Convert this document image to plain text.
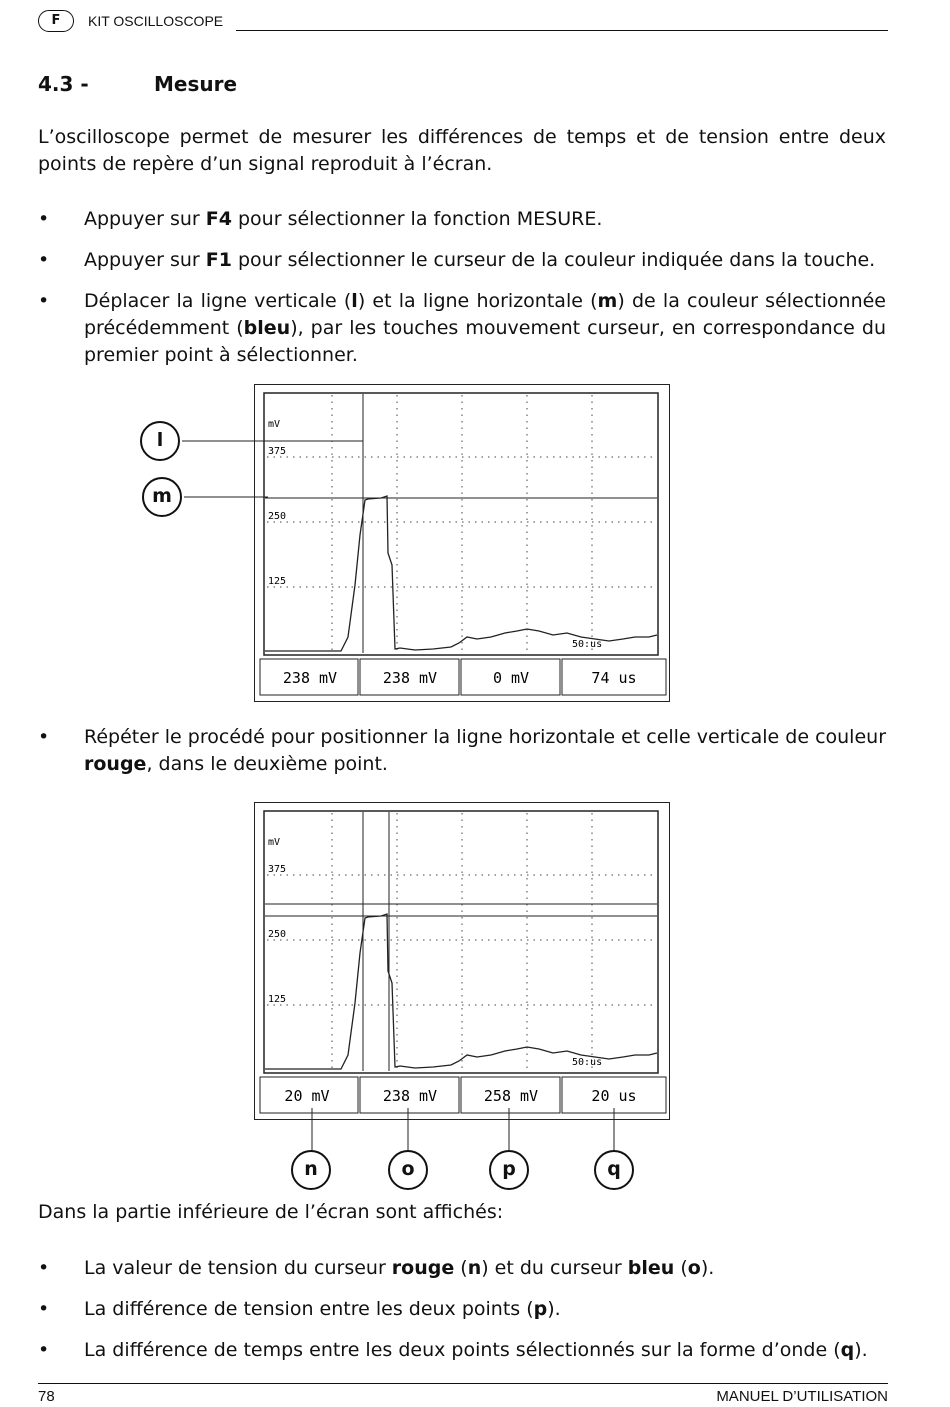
F	KIT OSCILLOSCOPE
4.3 -	Mesure
L’oscilloscope permet de mesurer les différences de temps et de tension entre deux points de repère d’un signal reproduit à l’écran.
• Appuyer sur F4 pour sélectionner la fonction MESURE.
• Appuyer sur F1 pour sélectionner le curseur de la couleur indiquée dans la touche.
• Déplacer la ligne verticale (l) et la ligne horizontale (m) de la couleur sélectionnée précédemment (bleu), par les touches mouvement curseur, en correspondance du premier point à sélectionner.
mV
375
250
125
50:us
238 mV	238 mV	0 mV	74 us
l
m
• Répéter le procédé pour positionner la ligne horizontale et celle verticale de couleur rouge, dans le deuxième point.
mV
375
250
125
50:us
20 mV	238 mV	258 mV	20 us
n	o	p	q
Dans la partie inférieure de l’écran sont affichés:
• La valeur de tension du curseur rouge (n) et du curseur bleu (o).
• La différence de tension entre les deux points (p).
• La différence de temps entre les deux points sélectionnés sur la forme d’onde (q).
78	MANUEL D’UTILISATION
